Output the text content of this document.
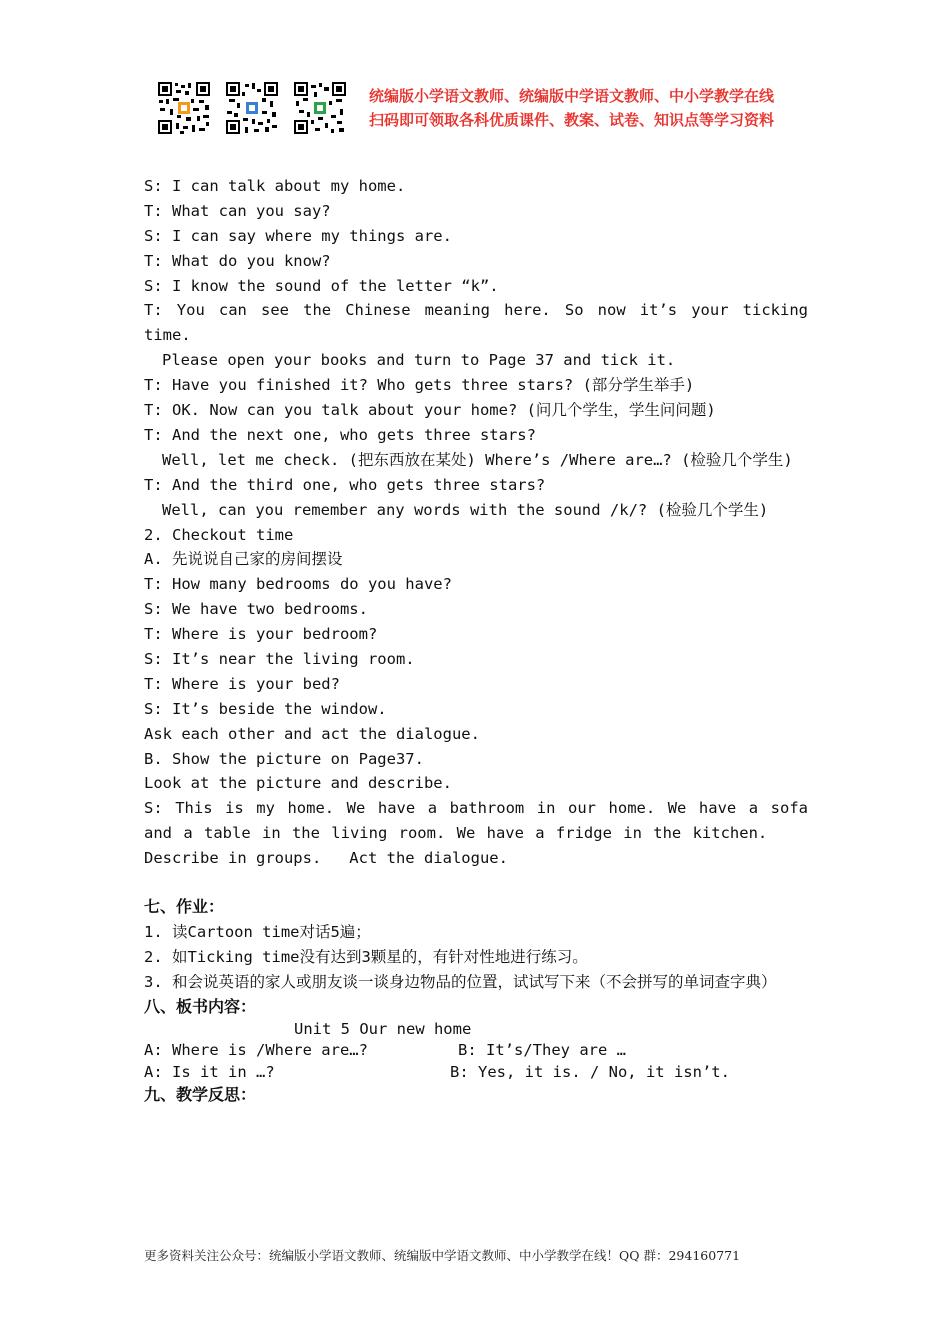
统编版小学语文教师、统编版中学语文教师、中小学教学在线
扫码即可领取各科优质课件、教案、试卷、知识点等学习资料
S: I can talk about my home.
T: What can you say?
S: I can say where my things are.
T: What do you know?
S: I know the sound of the letter “k”.
T: You can see the Chinese meaning here. So now it’s your ticking time.
Please open your books and turn to Page 37 and tick it.
T: Have you finished it? Who gets three stars? (部分学生举手)
T: OK. Now can you talk about your home? (问几个学生，学生问问题)
T: And the next one, who gets three stars?
Well, let me check. (把东西放在某处) Where’s /Where are…? (检验几个学生)
T: And the third one, who gets three stars?
Well, can you remember any words with the sound /k/? (检验几个学生)
2. Checkout time
A. 先说说自己家的房间摆设
T: How many bedrooms do you have?
S: We have two bedrooms.
T: Where is your bedroom?
S: It’s near the living room.
T: Where is your bed?
S: It’s beside the window.
Ask each other and act the dialogue.
B. Show the picture on Page37.
Look at the picture and describe.
S: This is my home. We have a bathroom in our home. We have a sofa and a table in the living room. We have a fridge in the kitchen.
Describe in groups.   Act the dialogue.
七、作业：
1. 读Cartoon time对话5遍；
2. 如Ticking time没有达到3颗星的，有针对性地进行练习。
3. 和会说英语的家人或朋友谈一谈身边物品的位置，试试写下来（不会拼写的单词查字典）
八、板书内容：
Unit 5 Our new home
A: Where is /Where are…?	B: It’s/They are …
A: Is it in …?	B: Yes, it is. / No, it isn’t.
九、教学反思：
更多资料关注公众号：统编版小学语文教师、统编版中学语文教师、中小学教学在线！QQ 群：294160771
